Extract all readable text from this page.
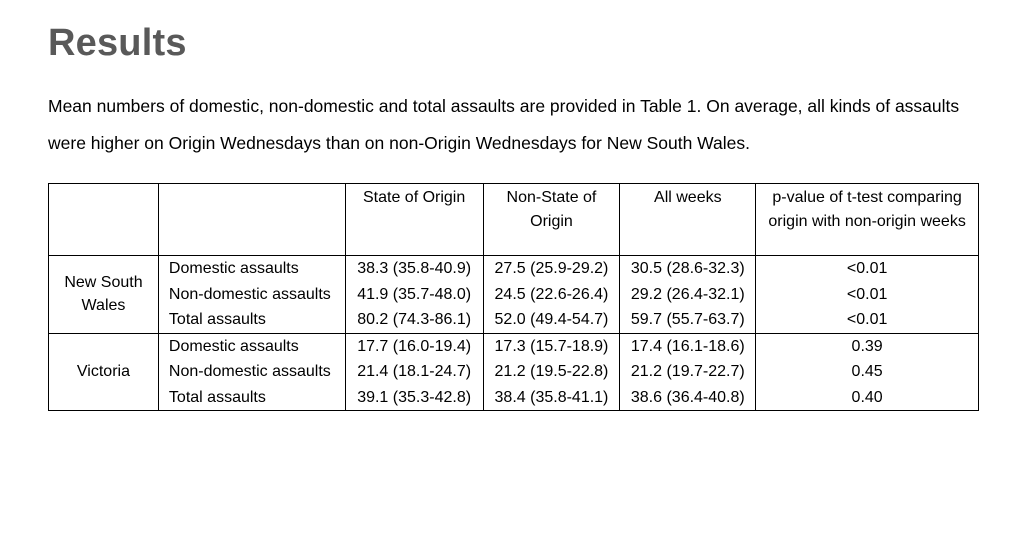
Results

Mean numbers of domestic, non-domestic and total assaults are provided in Table 1. On average, all kinds of assaults were higher on Origin Wednesdays than on non-Origin Wednesdays for New South Wales.

		State of Origin	Non-State of Origin	All weeks	p-value of t-test comparing origin with non-origin weeks
New South Wales	Domestic assaults	38.3 (35.8-40.9)	27.5 (25.9-29.2)	30.5 (28.6-32.3)	<0.01
	Non-domestic assaults	41.9 (35.7-48.0)	24.5 (22.6-26.4)	29.2 (26.4-32.1)	<0.01
	Total assaults	80.2 (74.3-86.1)	52.0 (49.4-54.7)	59.7 (55.7-63.7)	<0.01
Victoria	Domestic assaults	17.7 (16.0-19.4)	17.3 (15.7-18.9)	17.4 (16.1-18.6)	0.39
	Non-domestic assaults	21.4 (18.1-24.7)	21.2 (19.5-22.8)	21.2 (19.7-22.7)	0.45
	Total assaults	39.1 (35.3-42.8)	38.4 (35.8-41.1)	38.6 (36.4-40.8)	0.40
